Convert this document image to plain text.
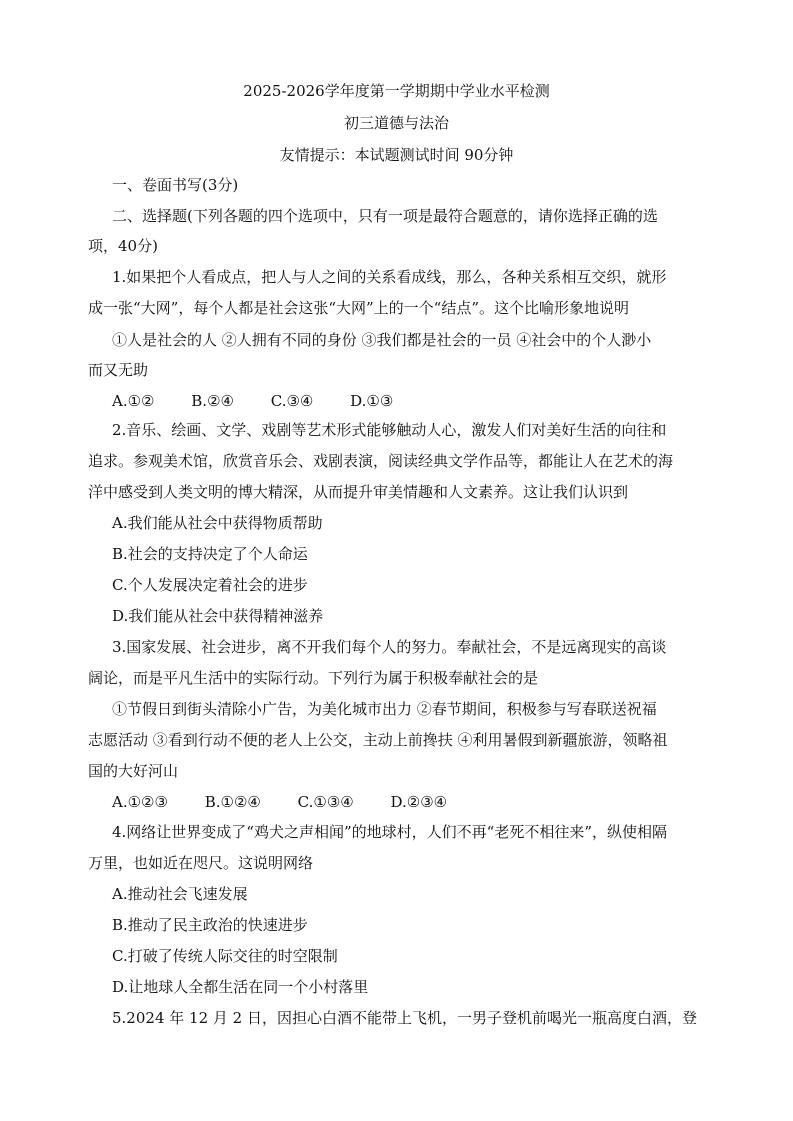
2025-2026学年度第一学期期中学业水平检测
初三道德与法治
友情提示：本试题测试时间 90分钟
一、卷面书写(3分)
二、选择题(下列各题的四个选项中，只有一项是最符合题意的，请你选择正确的选
项，40分)
1.如果把个人看成点，把人与人之间的关系看成线，那么，各种关系相互交织，就形
成一张“大网”，每个人都是社会这张“大网”上的一个“结点”。这个比喻形象地说明
①人是社会的人 ②人拥有不同的身份 ③我们都是社会的一员 ④社会中的个人渺小
而又无助
A.①② B.②④ C.③④ D.①③
2.音乐、绘画、文学、戏剧等艺术形式能够触动人心，激发人们对美好生活的向往和
追求。参观美术馆，欣赏音乐会、戏剧表演，阅读经典文学作品等，都能让人在艺术的海
洋中感受到人类文明的博大精深，从而提升审美情趣和人文素养。这让我们认识到
A.我们能从社会中获得物质帮助
B.社会的支持决定了个人命运
C.个人发展决定着社会的进步
D.我们能从社会中获得精神滋养
3.国家发展、社会进步，离不开我们每个人的努力。奉献社会，不是远离现实的高谈
阔论，而是平凡生活中的实际行动。下列行为属于积极奉献社会的是
①节假日到街头清除小广告，为美化城市出力 ②春节期间，积极参与写春联送祝福
志愿活动 ③看到行动不便的老人上公交，主动上前搀扶 ④利用暑假到新疆旅游，领略祖
国的大好河山
A.①②③ B.①②④ C.①③④ D.②③④
4.网络让世界变成了“鸡犬之声相闻”的地球村，人们不再“老死不相往来”，纵使相隔
万里，也如近在咫尺。这说明网络
A.推动社会飞速发展
B.推动了民主政治的快速进步
C.打破了传统人际交往的时空限制
D.让地球人全都生活在同一个小村落里
5.2024 年 12 月 2 日，因担心白酒不能带上飞机，一男子登机前喝光一瓶高度白酒，登
